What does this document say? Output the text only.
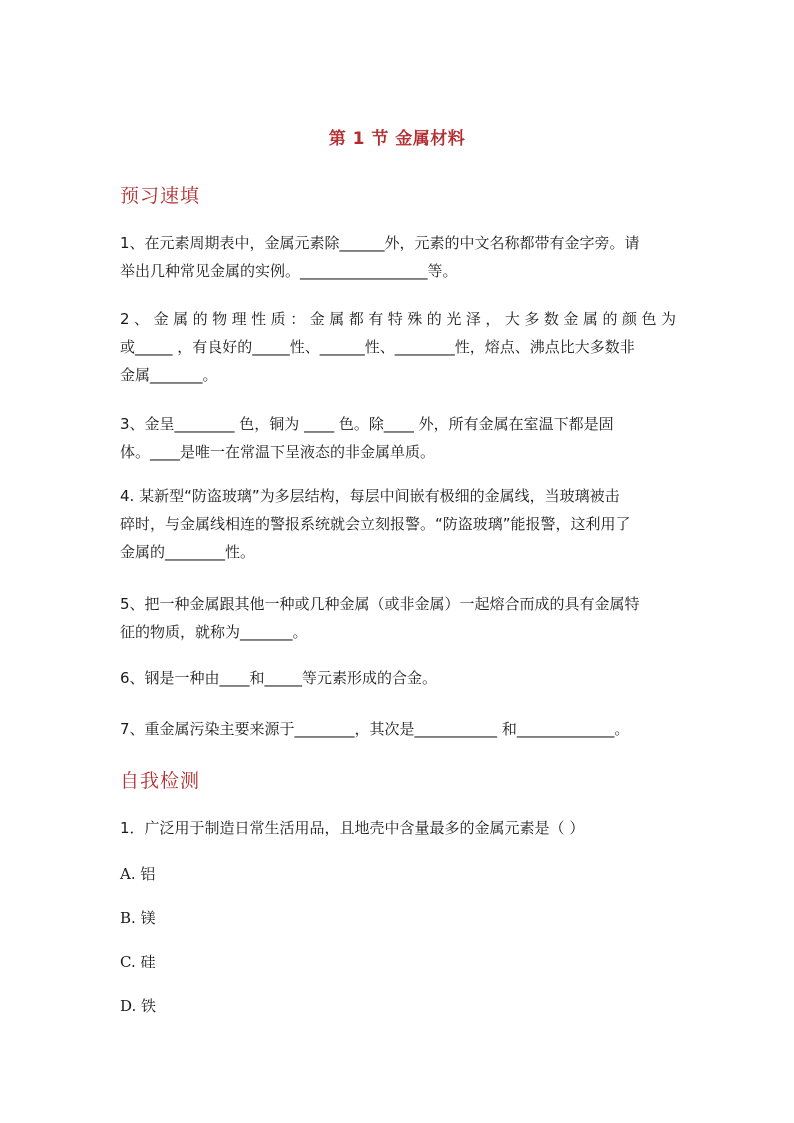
第 1 节 金属材料
预习速填
1、在元素周期表中，金属元素除______外，元素的中文名称都带有金字旁。请
举出几种常见金属的实例。_________________等。
2、金属的物理性质：金属都有特殊的光泽，大多数金属的颜色为
或_____ ，有良好的_____性、______性、________性，熔点、沸点比大多数非
金属_______。
3、金呈________ 色，铜为 ____ 色。除____ 外，所有金属在室温下都是固
体。____是唯一在常温下呈液态的非金属单质。
4. 某新型“防盗玻璃”为多层结构，每层中间嵌有极细的金属线，当玻璃被击
碎时，与金属线相连的警报系统就会立刻报警。“防盗玻璃”能报警，这利用了
金属的________性。
5、把一种金属跟其他一种或几种金属（或非金属）一起熔合而成的具有金属特
征的物质，就称为_______。
6、钢是一种由____和_____等元素形成的合金。
7、重金属污染主要来源于________，其次是___________ 和_____________。
自我检测
1．广泛用于制造日常生活用品，且地壳中含量最多的金属元素是（ ）
A. 铝
B. 镁
C. 硅
D. 铁
